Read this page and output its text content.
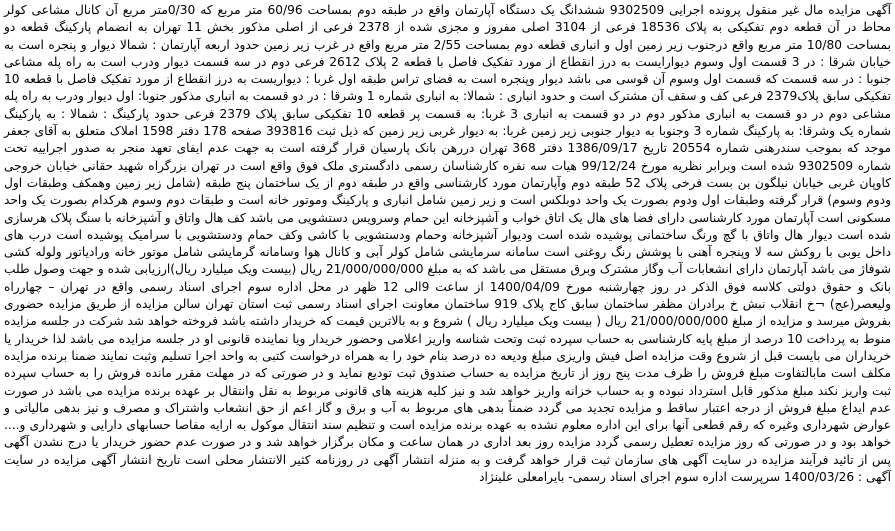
آگهی مزایده مال غیر منقول پرونده اجرایی 9302509 ششدانگ یک دستگاه آپارتمان واقع در طبقه دوم بمساحت 60/96 متر مربع که 0/30متر مربع آن کانال مشاعی کولر محاط در آن قطعه دوم تفکیکی به پلاک 18536 فرعی از 3104 اصلی مفروز و مجزی شده از 2378 فرعی از اصلی مذکور بخش 11 تهران به انضمام پارکینگ قطعه دو بمساحت 10/80 متر مربع واقع درجنوب زیر زمین اول و انباری قطعه دوم بمساحت 2/55 متر مربع واقع در غرب زیر زمین حدود اربعه آپارتمان : شمالا دیوار و پنجره است به خیابان شرقا : در 3 قسمت اول وسوم دیوارایست به درز انقطاع از مورد تفکیک فاصل با قطعه 2 پلاک 2612 فرعی دوم در سه قسمت دیوار ودرب است به راه پله مشاعی جنوبا : در سه قسمت که قسمت اول وسوم آن قوسی می باشد دیوار وپنجره است به فضای تراس طبقه اول غربا : دیواریست به درز انقطاع از مورد تفکیک فاصل با قطعه 10 تفکیکی سابق پلاک2379 فرعی کف و سقف آن مشترک است و حدود انباری : شمالا: به انباری شماره 1 وشرقا : در دو قسمت به انباری مذکور جنوبا: اول دیوار ودرب به راه پله مشاعی دوم در دو قسمت به انباری مذکور دوم در دو قسمت به انباری 3 غربا: به قسمت پر قطعه 10 تفکیکی سابق پلاک 2379 فرعی حدود پارکینگ : شمالا : به پارکینگ شماره یک وشرقا: به پارکینگ شماره 3 وجنوبا به دیوار جنوبی زیر زمین غربا: به دیوار غربی زیر زمین که ذیل ثبت 393816 صفحه 178 دفتر 1598 املاک متعلق به آقای جعفر موجد که بموجب سندرهنی شماره 20554 تاریخ 1386/09/17 دفتر 368 تهران دررهن بانک پارسیان قرار گرفته است به جهت عدم ایفای تعهد منجر به صدور اجراییه تحت شماره 9302509 شده است وبرابر نظریه مورخ 99/12/24 هیات سه نفره کارشناسان رسمی دادگستری ملک فوق واقع است در تهران بزرگراه شهید حقانی خیابان خروجی کاوپان غربی خیابان نیلگون بن بست فرخی پلاک 52 طبقه دوم وآپارتمان مورد کارشناسی واقع در طبقه دوم از یک ساختمان پنج طبقه (شامل زیر زمین وهمکف وطبقات اول ودوم وسوم) قرار گرفته وطبقات اول ودوم بصورت یک واحد دوبلکس است و زیر زمین شامل انباری و پارکینگ وموتور خانه است و طبقات دوم وسوم هرکدام بصورت یک واحد مسکونی است آپارتمان مورد کارشناسی دارای فضا های هال یک اتاق خواب و آشپزخانه این حمام وسرویس دستشویی می باشد کف هال واتاق و آشپزخانه با سنگ پلاک هرسازی شده است دیوار هال واتاق با گچ ورنگ ساختمانی پوشیده شده است ودیوار آشپزخانه وحمام ودستشویی با کاشی وکف حمام ودستشویی با سرامیک پوشیده است درب های داخل یوبی با روکش سه لا وپنجره آهنی با پوشش رنگ روغنی است سامانه سرمایشی شامل کولر آبی و کانال هوا وسامانه گرمایشی شامل موتور خانه ورادیاتور ولوله کشی شوفاژ می باشد آپارتمان دارای انشعابات آب وگاز مشترک وبرق مستقل می باشد که به مبلغ 21/000/000/000 ریال (بیست ویک میلیارد ریال)ارزیابی شده و جهت وصول طلب بانک و حقوق دولتی کلاسه فوق الذکر در روز چهارشنبه مورخ 1400/04/09 از ساعت 9الی 12 ظهر در محل اداره سوم اجرای اسناد رسمی واقع در تهران – چهارراه ولیعصر(عج) ¬خ انقلاب نبش خ برادران مظفر ساختمان سابق کاج پلاک 919 ساختمان معاونت اجرای اسناد رسمی ثبت استان تهران سالن مزایده از طریق مزایده حضوری بفروش میرسد و مزایده از مبلغ 21/000/000/000 ریال ( بیست ویک میلیارد ریال ) شروع و به بالاترین قیمت که خریدار داشته باشد فروخته خواهد شد شرکت در جلسه مزایده منوط به پرداخت 10 درصد از مبلغ پایه کارشناسی به حساب سپرده ثبت وتحت شناسه واریز اعلامی وحضور خریدار ویا نماینده قانونی او در جلسه مزایده می باشد لذا خریدار یا خریداران می بایست قبل از شروع وقت مزایده اصل فیش واریزی مبلغ ودیعه ده درصد بنام خود را به همراه درخواست کتبی به واحد اجرا تسلیم وثبت نمایند ضمنا برنده مزایده مکلف است مابالتفاوت مبلغ فروش را ظرف مدت پنج روز از تاریخ مزایده به حساب صندوق ثبت تودیع نماید و در صورتی که در مهلت مقرر مانده فروش را به حساب سپرده ثبت واریز نکند مبلغ مذکور قابل استرداد نبوده و به حساب خزانه واریز خواهد شد و نیز کلیه هزینه های قانونی مربوط به نقل وانتقال بر عهده برنده مزایده می باشد در صورت عدم ایداع مبلغ فروش از درجه اعتبار ساقط و مزایده تجدید می گردد ضمناً بدهی های مربوط به آب و برق و گاز اعم از حق انشعاب واشتراک و مصرف و نیز بدهی مالیاتی و عوارض شهرداری وغیره که رقم قطعی آنها برای این اداره معلوم نشده به عهده برنده مزایده است و تنظیم سند انتقال موکول به ارایه مفاصا حسابهای دارایی و شهرداری و.... خواهد بود و در صورتی که روز مزایده تعطیل رسمی گردد مزایده روز بعد اداری در همان ساعت و مکان برگزار خواهد شد و در صورت عدم حضور خریدار یا درج نشدن آگهی پس از تائید فرآیند مزایده در سایت آگهی های سازمان ثبت قرار خواهد گرفت و به منزله انتشار آگهی در روزنامه کثیر الانتشار محلی است تاریخ انتشار آگهی مزایده در سایت آگهی : 1400/03/26 سرپرست اداره سوم اجرای اسناد رسمی- بایرامعلی علینژاد
